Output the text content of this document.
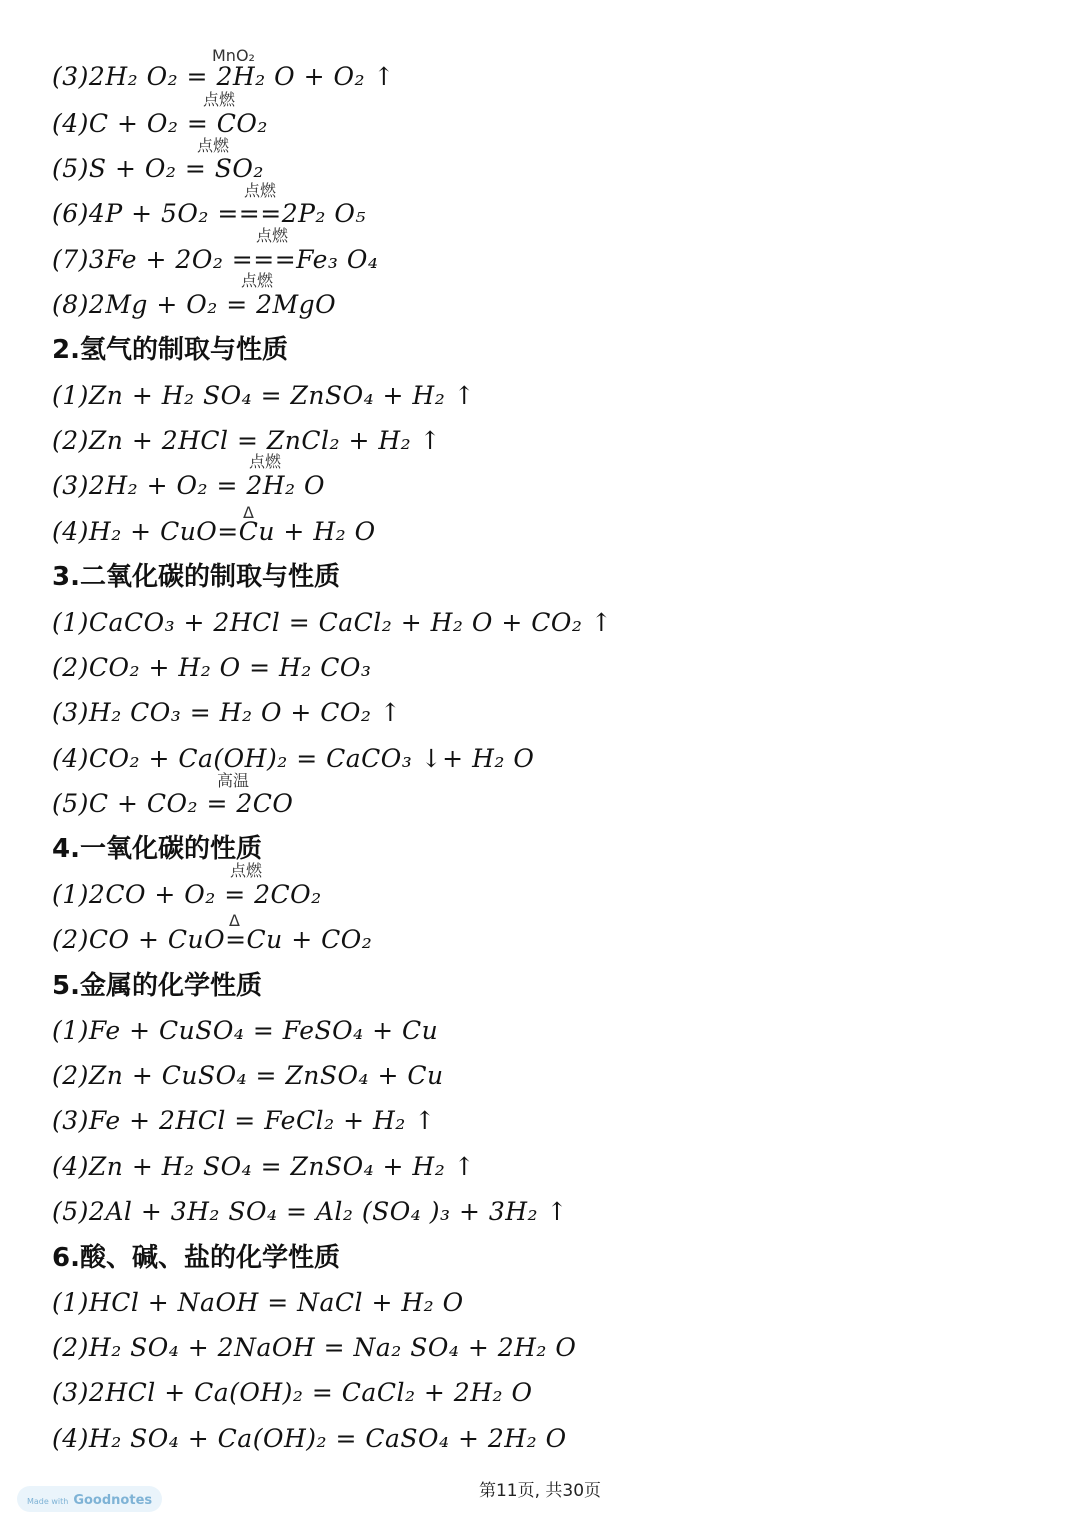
MnO₂
(3)2H₂ O₂ = 2H₂ O + O₂ ↑
点燃
(4)C + O₂ = CO₂
点燃
(5)S + O₂ = SO₂
点燃
(6)4P + 5O₂ ===2P₂ O₅
点燃
(7)3Fe + 2O₂ ===Fe₃ O₄
点燃
(8)2Mg + O₂ = 2MgO
2.氢气的制取与性质
(1)Zn + H₂ SO₄ = ZnSO₄ + H₂ ↑
(2)Zn + 2HCl = ZnCl₂ + H₂ ↑
点燃
(3)2H₂ + O₂ = 2H₂ O
Δ
(4)H₂ + CuO=Cu + H₂ O
3.二氧化碳的制取与性质
(1)CaCO₃ + 2HCl = CaCl₂ + H₂ O + CO₂ ↑
(2)CO₂ + H₂ O = H₂ CO₃
(3)H₂ CO₃ = H₂ O + CO₂ ↑
(4)CO₂ + Ca(OH)₂ = CaCO₃ ↓+ H₂ O
高温
(5)C + CO₂ = 2CO
4.一氧化碳的性质
点燃
(1)2CO + O₂ = 2CO₂
Δ
(2)CO + CuO=Cu + CO₂
5.金属的化学性质
(1)Fe + CuSO₄ = FeSO₄ + Cu
(2)Zn + CuSO₄ = ZnSO₄ + Cu
(3)Fe + 2HCl = FeCl₂ + H₂ ↑
(4)Zn + H₂ SO₄ = ZnSO₄ + H₂ ↑
(5)2Al + 3H₂ SO₄ = Al₂ (SO₄ )₃ + 3H₂ ↑
6.酸、碱、盐的化学性质
(1)HCl + NaOH = NaCl + H₂ O
(2)H₂ SO₄ + 2NaOH = Na₂ SO₄ + 2H₂ O
(3)2HCl + Ca(OH)₂ = CaCl₂ + 2H₂ O
(4)H₂ SO₄ + Ca(OH)₂ = CaSO₄ + 2H₂ O
第11页, 共30页
Made with Goodnotes
